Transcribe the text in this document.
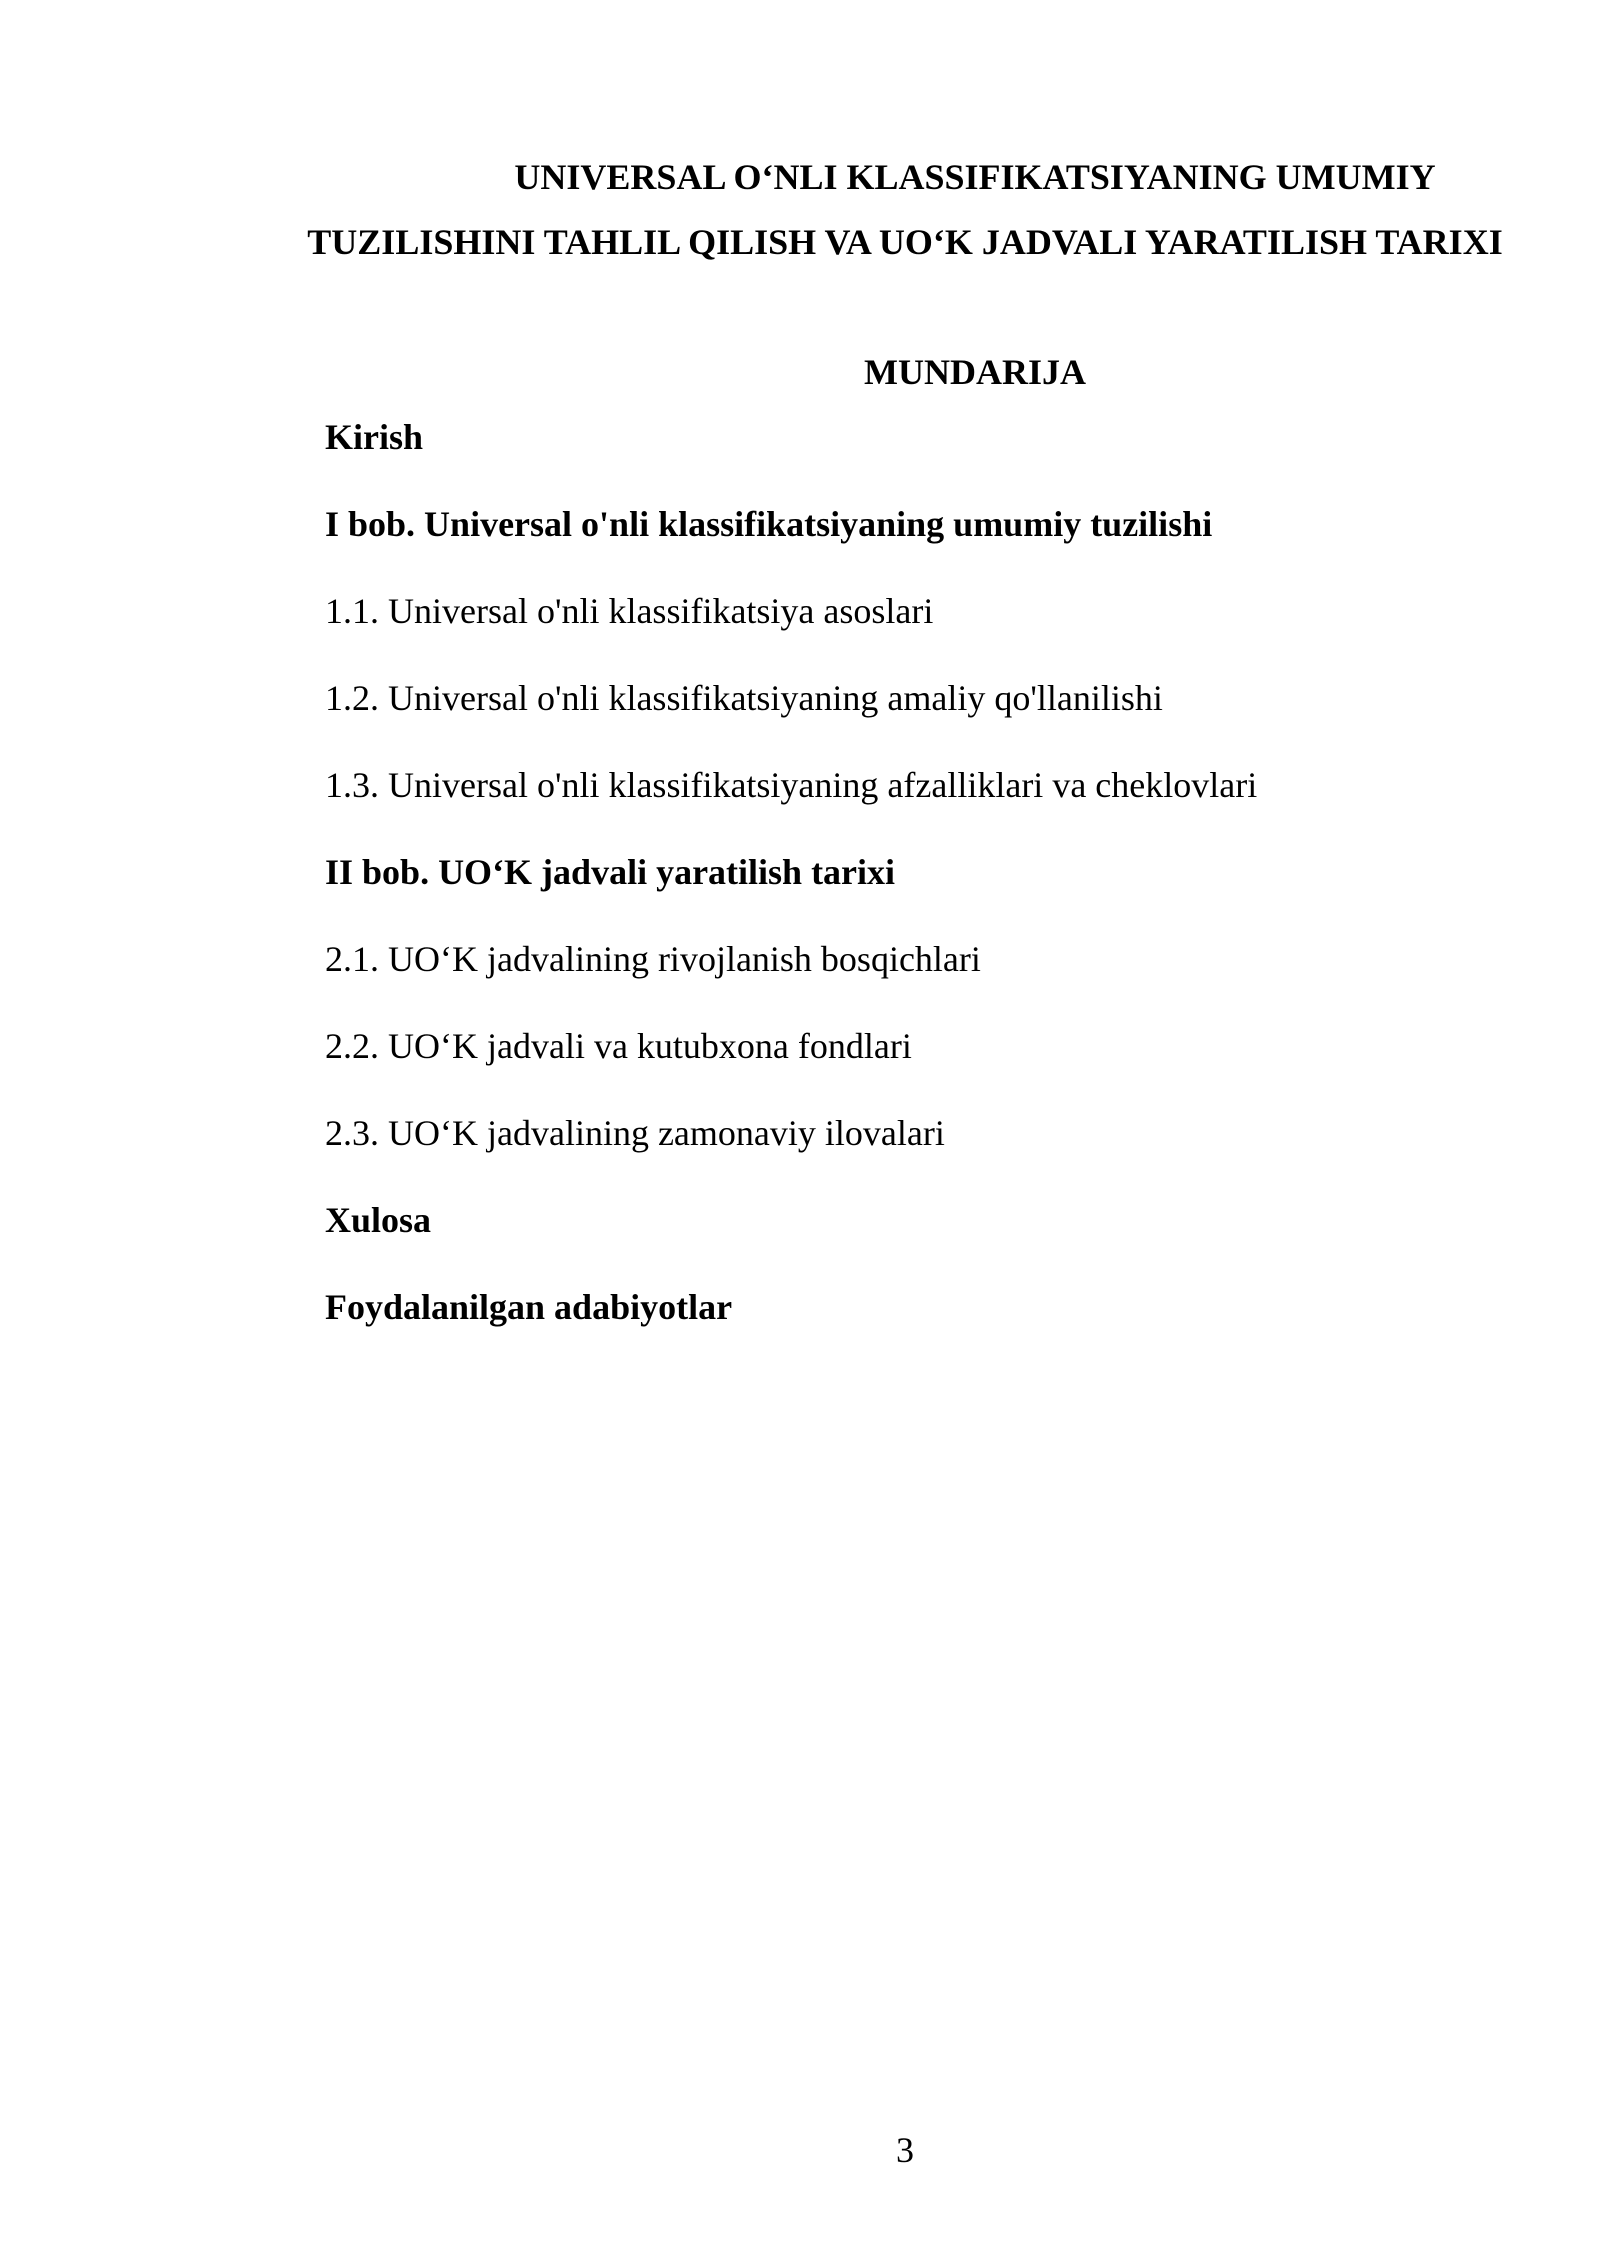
UNIVERSAL O‘NLI KLASSIFIKATSIYANING UMUMIY TUZILISHINI TAHLIL QILISH VA UO‘K JADVALI YARATILISH TARIXI

MUNDARIJA

Kirish
I bob. Universal o'nli klassifikatsiyaning umumiy tuzilishi
1.1. Universal o'nli klassifikatsiya asoslari
1.2. Universal o'nli klassifikatsiyaning amaliy qo'llanilishi
1.3. Universal o'nli klassifikatsiyaning afzalliklari va cheklovlari
II bob. UO‘K jadvali yaratilish tarixi
2.1. UO‘K jadvalining rivojlanish bosqichlari
2.2. UO‘K jadvali va kutubxona fondlari
2.3. UO‘K jadvalining zamonaviy ilovalari
Xulosa
Foydalanilgan adabiyotlar
3
